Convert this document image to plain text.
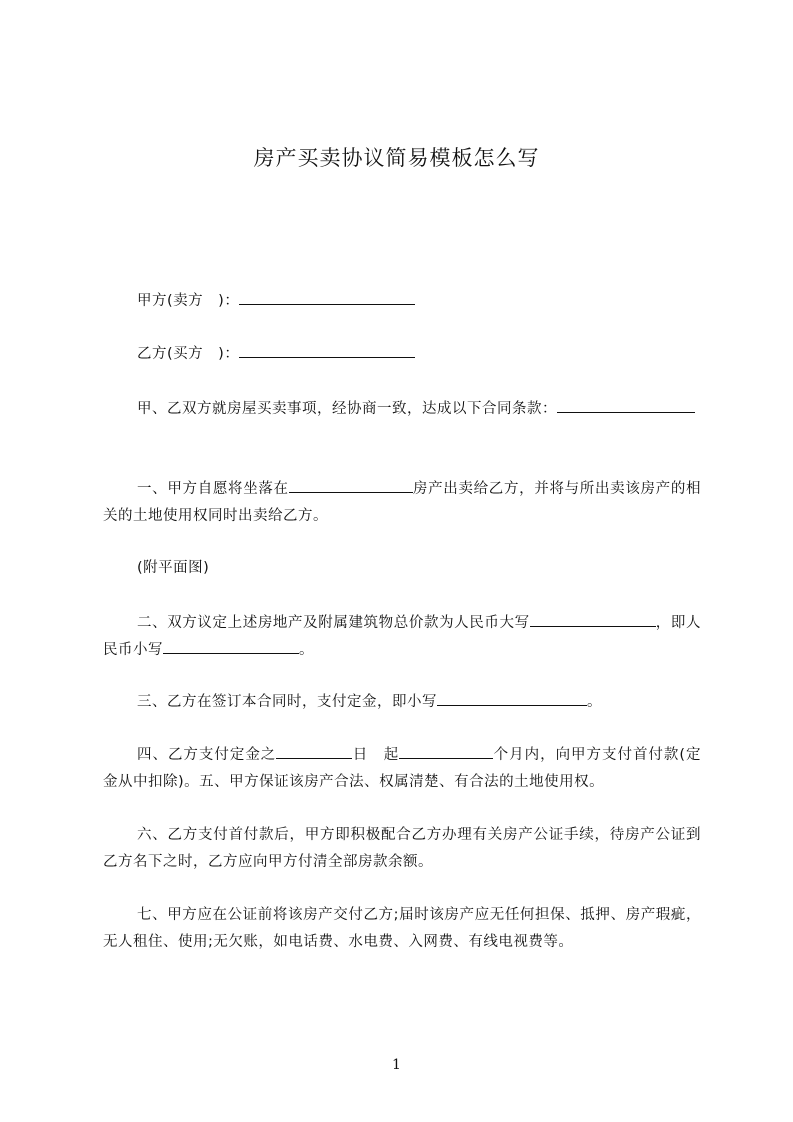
房产买卖协议简易模板怎么写
甲方(卖方　)：
乙方(买方　)：
甲、乙双方就房屋买卖事项，经协商一致，达成以下合同条款：
一、甲方自愿将坐落在	房产出卖给乙方，并将与所出卖该房产的相关的土地使用权同时出卖给乙方。
(附平面图)
二、双方议定上述房地产及附属建筑物总价款为人民币大写	，即人民币小写	。
三、乙方在签订本合同时，支付定金，即小写	。
四、乙方支付定金之	日　起	个月内，向甲方支付首付款(定金从中扣除)。五、甲方保证该房产合法、权属清楚、有合法的土地使用权。
六、乙方支付首付款后，甲方即积极配合乙方办理有关房产公证手续，待房产公证到乙方名下之时，乙方应向甲方付清全部房款余额。
七、甲方应在公证前将该房产交付乙方;届时该房产应无任何担保、抵押、房产瑕疵，无人租住、使用;无欠账，如电话费、水电费、入网费、有线电视费等。
1
